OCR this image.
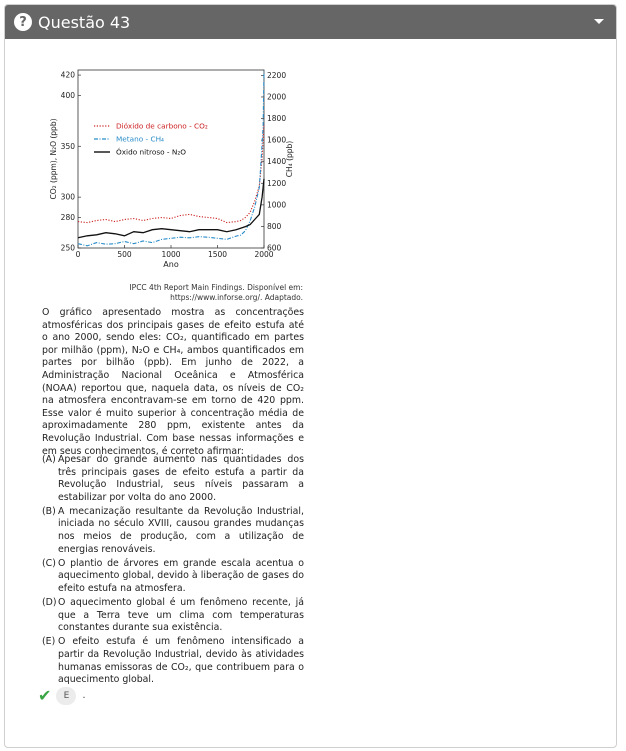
? Questão 43
0	500	1000	1500	2000
250
280
300
350
400
420
600
800
1000
1200
1400
1600
1800
2000
2200
Ano
CO₂ (ppm), N₂O (ppb)	CH₄ (ppb)
Dióxido de carbono - CO₂
Metano - CH₄
Óxido nitroso - N₂O
IPCC 4th Report Main Findings. Disponível em: https://www.inforse.org/. Adaptado.
O gráfico apresentado mostra as concentrações atmosféricas dos principais gases de efeito estufa até o ano 2000, sendo eles: CO₂, quantificado em partes por milhão (ppm), N₂O e CH₄, ambos quantificados em partes por bilhão (ppb). Em junho de 2022, a Administração Nacional Oceânica e Atmosférica (NOAA) reportou que, naquela data, os níveis de CO₂ na atmosfera encontravam-se em torno de 420 ppm. Esse valor é muito superior à concentração média de aproximadamente 280 ppm, existente antes da Revolução Industrial. Com base nessas informações e em seus conhecimentos, é correto afirmar:
(A) Apesar do grande aumento nas quantidades dos três principais gases de efeito estufa a partir da Revolução Industrial, seus níveis passaram a estabilizar por volta do ano 2000.
(B) A mecanização resultante da Revolução Industrial, iniciada no século XVIII, causou grandes mudanças nos meios de produção, com a utilização de energias renováveis.
(C) O plantio de árvores em grande escala acentua o aquecimento global, devido à liberação de gases do efeito estufa na atmosfera.
(D) O aquecimento global é um fenômeno recente, já que a Terra teve um clima com temperaturas constantes durante sua existência.
(E) O efeito estufa é um fenômeno intensificado a partir da Revolução Industrial, devido às atividades humanas emissoras de CO₂, que contribuem para o aquecimento global.
✔	E	.
